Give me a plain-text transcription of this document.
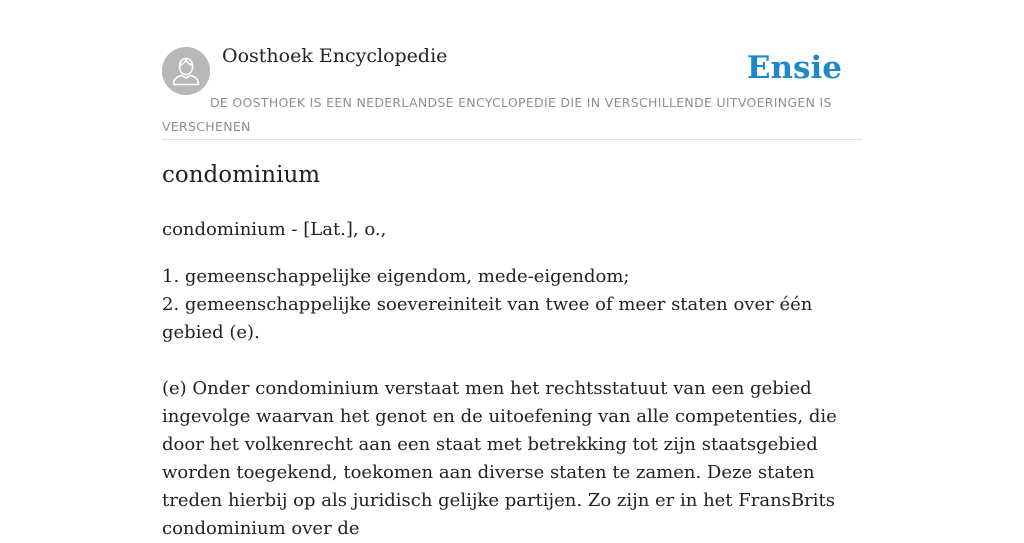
Oosthoek Encyclopedie	Ensie
DE OOSTHOEK IS EEN NEDERLANDSE ENCYCLOPEDIE DIE IN VERSCHILLENDE UITVOERINGEN IS VERSCHENEN
condominium

condominium - [Lat.], o.,

1. gemeenschappelijke eigendom, mede-eigendom;

2. gemeenschappelijke soevereiniteit van twee of meer staten over één gebied (e).

(e) Onder condominium verstaat men het rechtsstatuut van een gebied ingevolge waarvan het genot en de uitoefening van alle competenties, die door het volkenrecht aan een staat met betrekking tot zijn staatsgebied worden toegekend, toekomen aan diverse staten te zamen. Deze staten treden hierbij op als juridisch gelijke partijen. Zo zijn er in het FransBrits condominium over de
